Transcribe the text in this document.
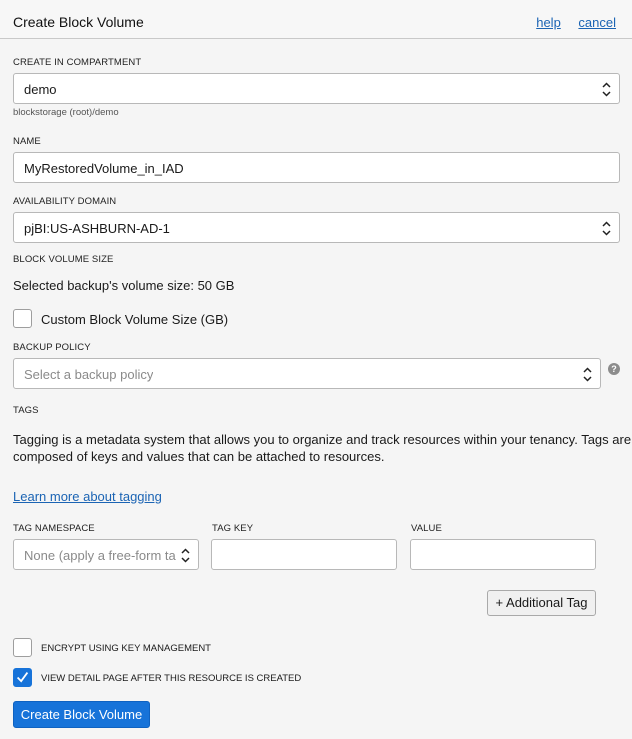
Create Block Volume	help cancel
CREATE IN COMPARTMENT
demo
blockstorage (root)/demo
NAME
MyRestoredVolume_in_IAD
AVAILABILITY DOMAIN
pjBI:US-ASHBURN-AD-1
BLOCK VOLUME SIZE
Selected backup's volume size: 50 GB
Custom Block Volume Size (GB)
BACKUP POLICY
Select a backup policy	?
TAGS
Tagging is a metadata system that allows you to organize and track resources within your tenancy. Tags are
composed of keys and values that can be attached to resources.
Learn more about tagging
TAG NAMESPACE	TAG KEY	VALUE
None (apply a free-form ta
+ Additional Tag
ENCRYPT USING KEY MANAGEMENT
VIEW DETAIL PAGE AFTER THIS RESOURCE IS CREATED
Create Block Volume
